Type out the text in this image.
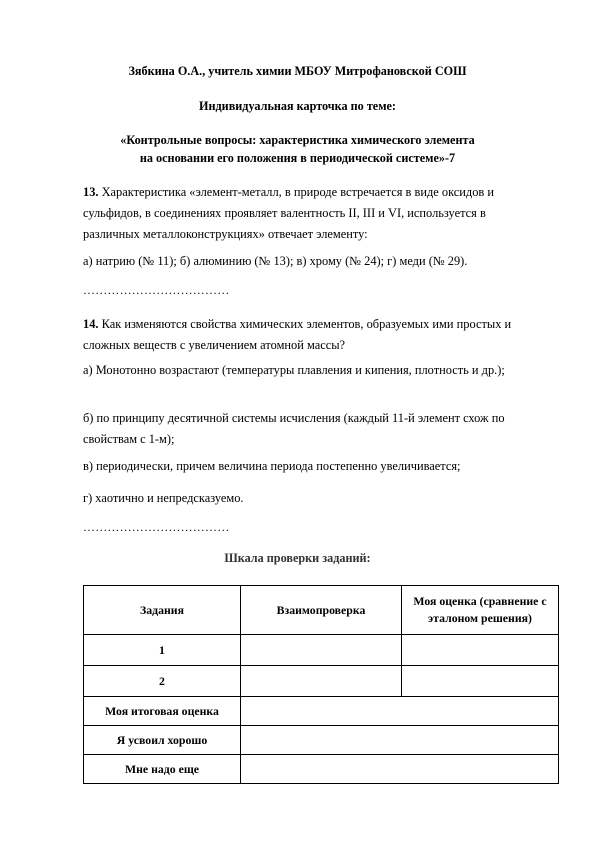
Зябкина О.А., учитель химии МБОУ Митрофановской СОШ
Индивидуальная карточка по теме:
«Контрольные вопросы: характеристика химического элемента
на основании его положения в периодической системе»-7
13. Характеристика «элемент-металл, в природе встречается в виде оксидов и сульфидов, в соединениях проявляет валентность II, III и VI, используется в различных металлоконструкциях» отвечает элементу:
а) натрию (№ 11); б) алюминию (№ 13); в) хрому (№ 24); г) меди (№ 29).
………………………………
14. Как изменяются свойства химических элементов, образуемых ими простых и сложных веществ с увеличением атомной массы?
а) Монотонно возрастают (температуры плавления и кипения, плотность и др.);
б) по принципу десятичной системы исчисления (каждый 11-й элемент схож по свойствам с 1-м);
в) периодически, причем величина периода постепенно увеличивается;
г) хаотично и непредсказуемо.
………………………………
Шкала проверки заданий:
Задания	Взаимопроверка	Моя оценка (сравнение с эталоном решения)
1		
2		
Моя итоговая оценка		
Я усвоил хорошо		
Мне надо еще		
